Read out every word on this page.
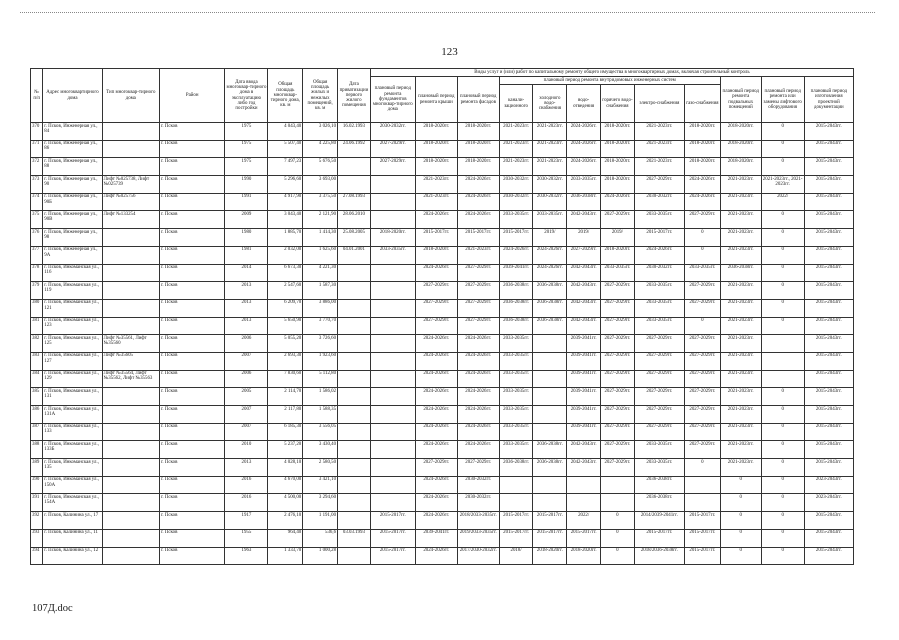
123
№ п/п	Адрес многоквартирного дома	Тип многоквар-тирного дома	Район	Дата ввода многоквар-тирного дома в эксплуатацию либо год постройки	Общая площадь многоквар-тирного дома, кв. м	Общая площадь жилых и нежилых помещений, кв. м	Дата приватизации первого жилого помещения	Виды услуг и (или) работ по капитальному ремонту общего имущества в многоквартирных домах, включая строительный контроль											
								плановый период ремонта фундаментов многоквар-тирного дома	плановый период ремонта крыши	плановый период ремонта фасадов	плановый период ремонта внутридомовых инженерных систем						плановый период ремонта подвальных помещений	плановый период ремонта или замены лифтового оборудования	плановый период изготовления проектной документации
											канали-зационного	холодного водо-снабжения	водо-отведения	горячего водо-снабжения	электро-снабжения	газо-снабжения			
370	г. Псков, Инженерная ул., 84		г. Псков	1975	4 043,40	3 026,10	16.02.1993	2030-2032гг.	2018-2020гг.	2018-2020гг.	2021-2023гг.	2021-2023гг.	2024-2026гг.	2018-2020гг.	2021-2023гг.	2018-2020гг.	2018-2020гг.	0	2015-2043гг.
371	г. Псков, Инженерная ул., 86		г. Псков	1975	5 507,40	4 225,80	24.06.1992	2027-2029гг.	2018-2020гг.	2018-2020гг.	2021-2023гг.	2021-2023гг.	2024-2026гг.	2018-2020гг.	2021-2023гг.	2018-2020гг.	2018-2020гг.	0	2015-2043гг.
372	г. Псков, Инженерная ул., 88		г. Псков	1975	7 497,23	5 676,50		2027-2029гг.	2018-2020гг.	2018-2020гг.	2021-2023гг.	2021-2023гг.	2024-2026гг.	2018-2020гг.	2021-2023гг.	2018-2020гг.	2018-2020гг.	0	2015-2043гг.
373	г. Псков, Инженерная ул., 90	Лифт №025738, Лифт №025739	г. Псков	1990	5 296,60	3 693,00			2021-2023гг.	2024-2026гг.	2030-2032гг.	2030-2032гг.	2033-2035гг.	2018-2020гг.	2027-2029гг.	2024-2026гг.	2021-2023гг.	2021-2023гг., 2021-2023гг.	2015-2043гг.
374	г. Псков, Инженерная ул., 90Б	Лифт №025756	г. Псков	1991	4 917,90	3 375,50	27.08.1993		2021-2023гг.	2024-2026гг.	2030-2032гг.	2030-2032гг.	2036-2038гг.	2024-2026гг.	2030-2032гг.	2024-2026гг.	2021-2023гг.	2022/	2015-2043гг.
375	г. Псков, Инженерная ул., 90В	Лифт №133254	г. Псков	2009	3 043,40	2 121,90	28.06.2010		2024-2026гг.	2024-2026гг.	2033-2035гг.	2033-2035гг.	2042-2043гг.	2027-2029гг.	2033-2035гг.	2027-2029гг.	2021-2023гг.	0	2015-2043гг.
376	г. Псков, Инженерная ул., 98		г. Псков	1980	1 885,70	1 414,30	25.08.2005	2018-2020гг.	2015-2017гг.	2015-2017гг.	2015-2017гг.	2019/	2019/	2019/	2015-2017гг.	0	2021-2023гг.	0	2015-2043гг.
377	г. Псков, Инженерная ул., 9А		г. Псков	1981	2 032,00	1 625,60	04.01.2001	2033-2035гг.	2018-2020гг.	2021-2023гг.	2024-2026гг.	2024-2026гг.	2027-2029гг.	2018-2020гг.	2024-2026гг.	0	2021-2023гг.	0	2015-2043гг.
378	г. Псков, Инкоманская ул., 116		г. Псков	2014	6 673,30	4 221,30			2024-2026гг.	2027-2029гг.	2039-2041гг.	2024-2026гг.	2042-2043гг.	2033-2035гг.	2030-2032гг.	2033-2035гг.	2036-2038гг.	0	2015-2043гг.
379	г. Псков, Инкоманская ул., 119		г. Псков	2013	2 547,60	1 587,30			2027-2029гг.	2027-2029гг.	2036-2038гг.	2036-2038гг.	2042-2043гг.	2027-2029гг.	2033-2035гг.	2027-2029гг.	2021-2023гг.	0	2015-2043гг.
380	г. Псков, Инкоманская ул., 121		г. Псков	2013	6 209,70	3 886,00			2027-2029гг.	2027-2029гг.	2036-2038гг.	2036-2038гг.	2042-2043гг.	2027-2029гг.	2033-2035гг.	2027-2029гг.	2021-2023гг.	0	2015-2043гг.
381	г. Псков, Инкоманская ул., 123		г. Псков	2013	5 650,90	3 770,70			2027-2029гг.	2027-2029гг.	2036-2038гг.	2036-2038гг.	2042-2043гг.	2027-2029гг.	2033-2035гг.	0	2021-2023гг.	0	2015-2043гг.
382	г. Псков, Инкоманская ул., 125	Лифт №35561, Лифт №35560	г. Псков	2006	5 055,20	3 726,60			2024-2026гг.	2024-2026гг.	2033-2035гг.		2039-2041гг.	2027-2029гг.	2027-2029гг.	2027-2029гг.	2021-2023гг.		2015-2043гг.
383	г. Псков, Инкоманская ул., 127	Лифт №35605	г. Псков	2007	2 693,30	1 923,60			2024-2026гг.	2024-2026гг.	2033-2035гг.		2039-2041гг.	2027-2029гг.	2027-2029гг.	2027-2029гг.	2021-2023гг.		2015-2043гг.
384	г. Псков, Инкоманская ул., 129	Лифт №35564, Лифт №35562, Лифт №35563	г. Псков	2006	7 830,60	5 112,80			2024-2026гг.	2024-2026гг.	2033-2035гг.		2039-2041гг.	2027-2029гг.	2027-2029гг.	2027-2029гг.	2021-2023гг.		2015-2043гг.
385	г. Псков, Инкоманская ул., 131		г. Псков	2005	2 114,70	1 586,02			2024-2026гг.	2024-2026гг.	2033-2035гг.		2039-2041гг.	2027-2029гг.	2027-2029гг.	2027-2029гг.	2021-2023гг.	0	2015-2043гг.
386	г. Псков, Инкоманская ул., 131А		г. Псков	2007	2 117,80	1 588,35			2024-2026гг.	2024-2026гг.	2033-2035гг.		2039-2041гг.	2027-2029гг.	2027-2029гг.	2027-2029гг.	2021-2023гг.	0	2015-2043гг.
387	г. Псков, Инкоманская ул., 133		г. Псков	2007	6 185,30	3 556,05			2024-2026гг.	2024-2026гг.	2033-2035гг.		2039-2041гг.	2027-2029гг.	2027-2029гг.	2027-2029гг.	2021-2023гг.	0	2015-2043гг.
388	г. Псков, Инкоманская ул., 133Б		г. Псков	2010	5 237,20	3 430,40			2024-2026гг.	2024-2026гг.	2033-2035гг.	2036-2038гг.	2042-2043гг.	2027-2029гг.	2033-2035гг.	2027-2029гг.	2021-2023гг.	0	2015-2043гг.
389	г. Псков, Инкоманская ул., 135		г. Псков	2013	4 028,10	2 580,50			2027-2029гг.	2027-2029гг.	2036-2038гг.	2036-2038гг.	2042-2043гг.	2027-2029гг.	2033-2035гг.	0	2021-2023гг.	0	2015-2043гг.
390	г. Псков, Инкоманская ул., 150А		г. Псков	2016	4 670,00	3 421,10			2024-2026гг.	2030-2032гг.					2036-2038гг.		0	0	2023-2043гг.
391	г. Псков, Инкоманская ул., 154А		г. Псков	2016	4 500,00	3 294,60			2024-2026гг.	2030-2032гг.					2036-2038гг.		0	0	2023-2043гг.
392	г. Псков, Калинина ул., 17		г. Псков	1917	2 476,10	1 191,00		2015-2017гг.	2024-2026гг.	2018/2033-2035гг.	2015-2017гг.	2015-2017гг.	2022/	0	2014/2039-2041гг.	2015-2017гг.	0	0	2015-2043гг.
393	г. Псков, Калинина ул., 11		г. Псков	1955	964,40	536,6	03.03.1993	2015-2017гг.	2039-2041гг.	2019/2033-2035гг.	2015-2017гг.	2015-2017гг.	2015-2017гг.	0	2015-2017гг.	2015-2017гг.	0	0	2015-2043гг.
394	г. Псков, Калинина ул., 12		г. Псков	1963	1 333,70	1 000,28		2015-2017гг.	2024-2026гг.	2017/2030-2032гг.	2018/	2018-2020гг.	2018-2020гг.	0	2018/2036-2038гг.	2015-2017гг.	0	0	2015-2043гг.
107Д.doc
